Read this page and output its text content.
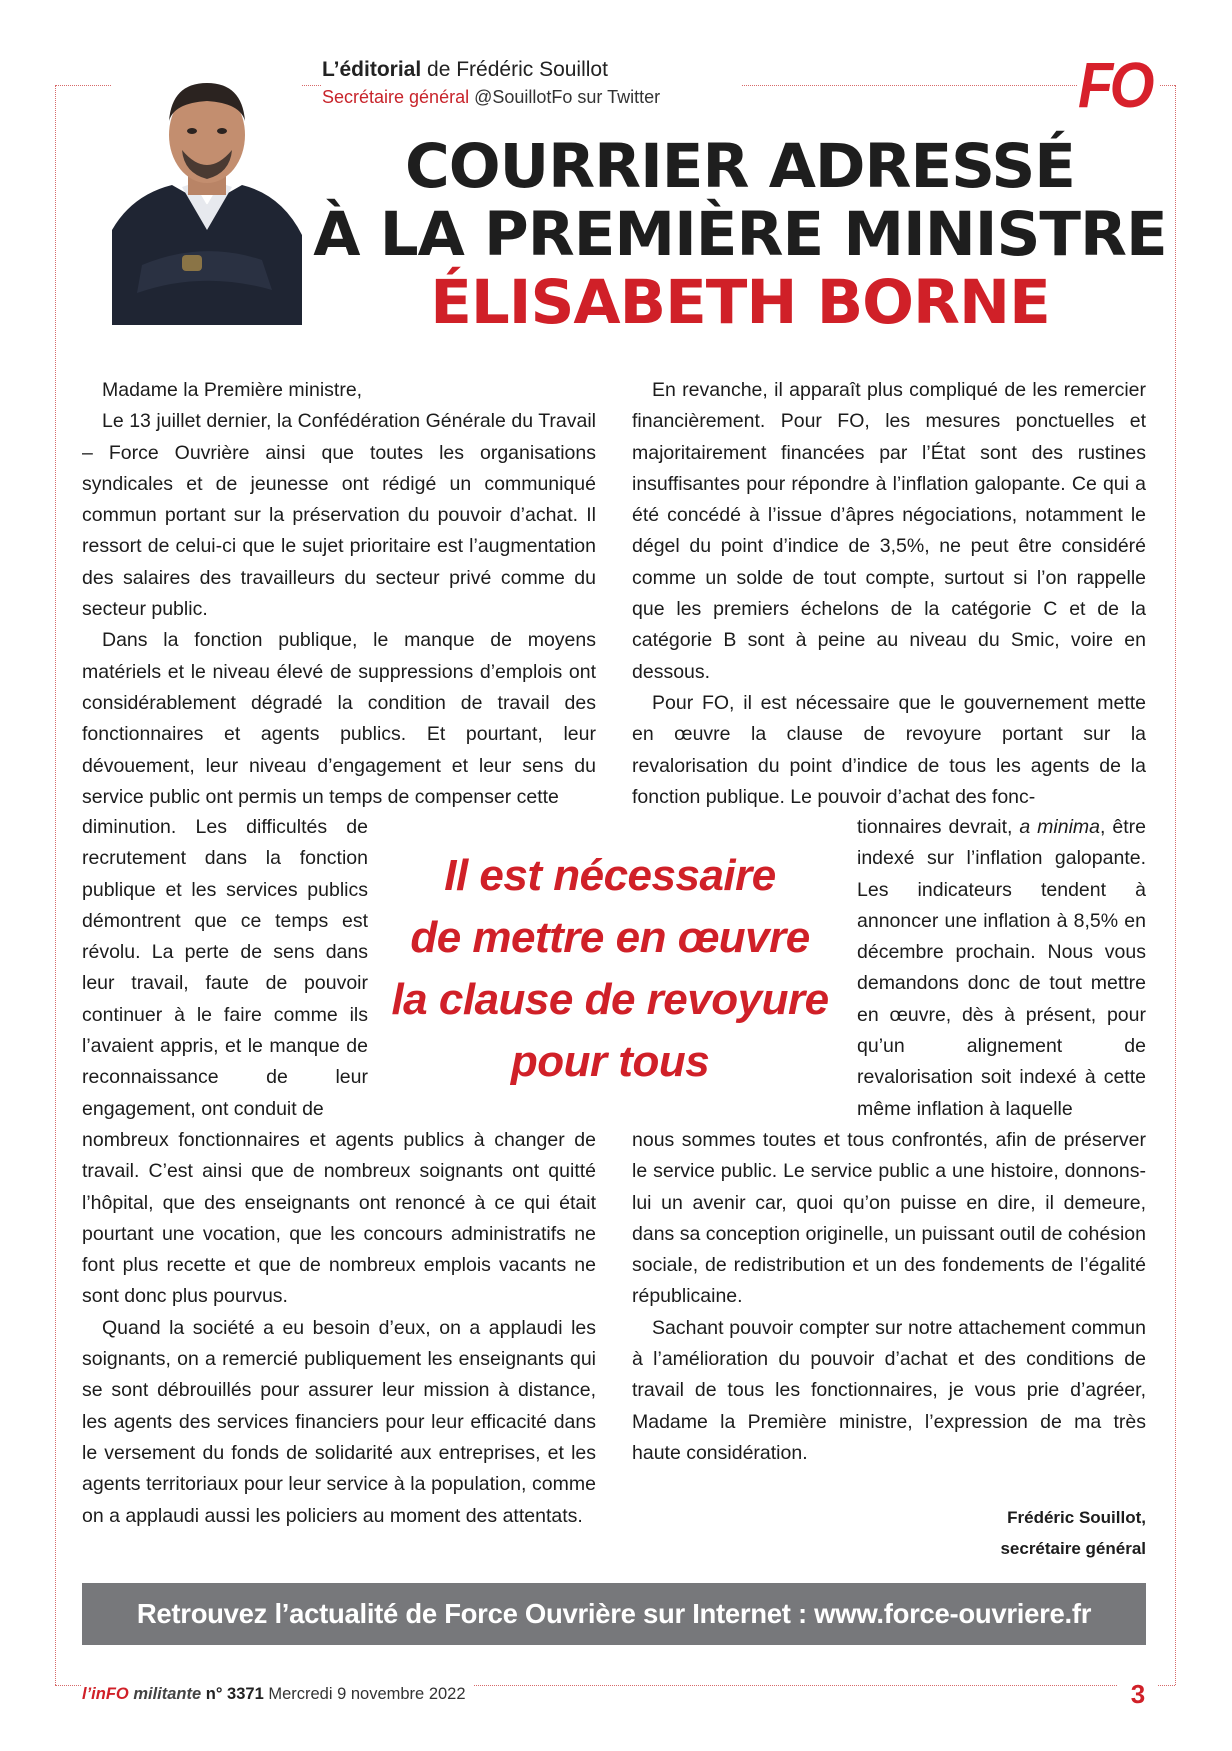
L’éditorial de Frédéric Souillot
Secrétaire général @SouillotFo sur Twitter	FO
COURRIER ADRESSÉ
À LA PREMIÈRE MINISTRE
ÉLISABETH BORNE

Madame la Première ministre,

Le 13 juillet dernier, la Confédération Générale du Travail – Force Ouvrière ainsi que toutes les organisations syndicales et de jeunesse ont rédigé un communiqué commun portant sur la préservation du pouvoir d’achat. Il ressort de celui-ci que le sujet prioritaire est l’augmentation des salaires des travailleurs du secteur privé comme du secteur public.

Dans la fonction publique, le manque de moyens matériels et le niveau élevé de suppressions d’emplois ont considérablement dégradé la condition de travail des fonctionnaires et agents publics. Et pourtant, leur dévouement, leur niveau d’engagement et leur sens du service public ont permis un temps de compenser cette

diminution. Les difficultés de recrutement dans la fonction publique et les services publics démontrent que ce temps est révolu. La perte de sens dans leur travail, faute de pouvoir continuer à le faire comme ils l’avaient appris, et le manque de reconnaissance de leur engagement, ont conduit de

nombreux fonctionnaires et agents publics à changer de travail. C’est ainsi que de nombreux soignants ont quitté l’hôpital, que des enseignants ont renoncé à ce qui était pourtant une vocation, que les concours administratifs ne font plus recette et que de nombreux emplois vacants ne sont donc plus pourvus.

Quand la société a eu besoin d’eux, on a applaudi les soignants, on a remercié publiquement les enseignants qui se sont débrouillés pour assurer leur mission à distance, les agents des services financiers pour leur efficacité dans le versement du fonds de solidarité aux entreprises, et les agents territoriaux pour leur service à la population, comme on a applaudi aussi les policiers au moment des attentats.

En revanche, il apparaît plus compliqué de les remercier financièrement. Pour FO, les mesures ponctuelles et majoritairement financées par l’État sont des rustines insuffisantes pour répondre à l’inflation galopante. Ce qui a été concédé à l’issue d’âpres négociations, notamment le dégel du point d’indice de 3,5%, ne peut être considéré comme un solde de tout compte, surtout si l’on rappelle que les premiers échelons de la catégorie C et de la catégorie B sont à peine au niveau du Smic, voire en dessous.

Pour FO, il est nécessaire que le gouvernement mette en œuvre la clause de revoyure portant sur la revalorisation du point d’indice de tous les agents de la fonction publique. Le pouvoir d’achat des fonc-

tionnaires devrait, a minima, être indexé sur l’inflation galopante. Les indicateurs tendent à annoncer une inflation à 8,5% en décembre prochain. Nous vous demandons donc de tout mettre en œuvre, dès à présent, pour qu’un alignement de revalorisation soit indexé à cette même inflation à laquelle

nous sommes toutes et tous confrontés, afin de préserver le service public. Le service public a une histoire, donnons-lui un avenir car, quoi qu’on puisse en dire, il demeure, dans sa conception originelle, un puissant outil de cohésion sociale, de redistribution et un des fondements de l’égalité républicaine.

Sachant pouvoir compter sur notre attachement commun à l’amélioration du pouvoir d’achat et des conditions de travail de tous les fonctionnaires, je vous prie d’agréer, Madame la Première ministre, l’expression de ma très haute considération.

Il est nécessaire
de mettre en œuvre
la clause de revoyure
pour tous
Frédéric Souillot,
secrétaire général
Retrouvez l’actualité de Force Ouvrière sur Internet : www.force-ouvriere.fr
l’inFO militante n° 3371 Mercredi 9 novembre 2022	3
